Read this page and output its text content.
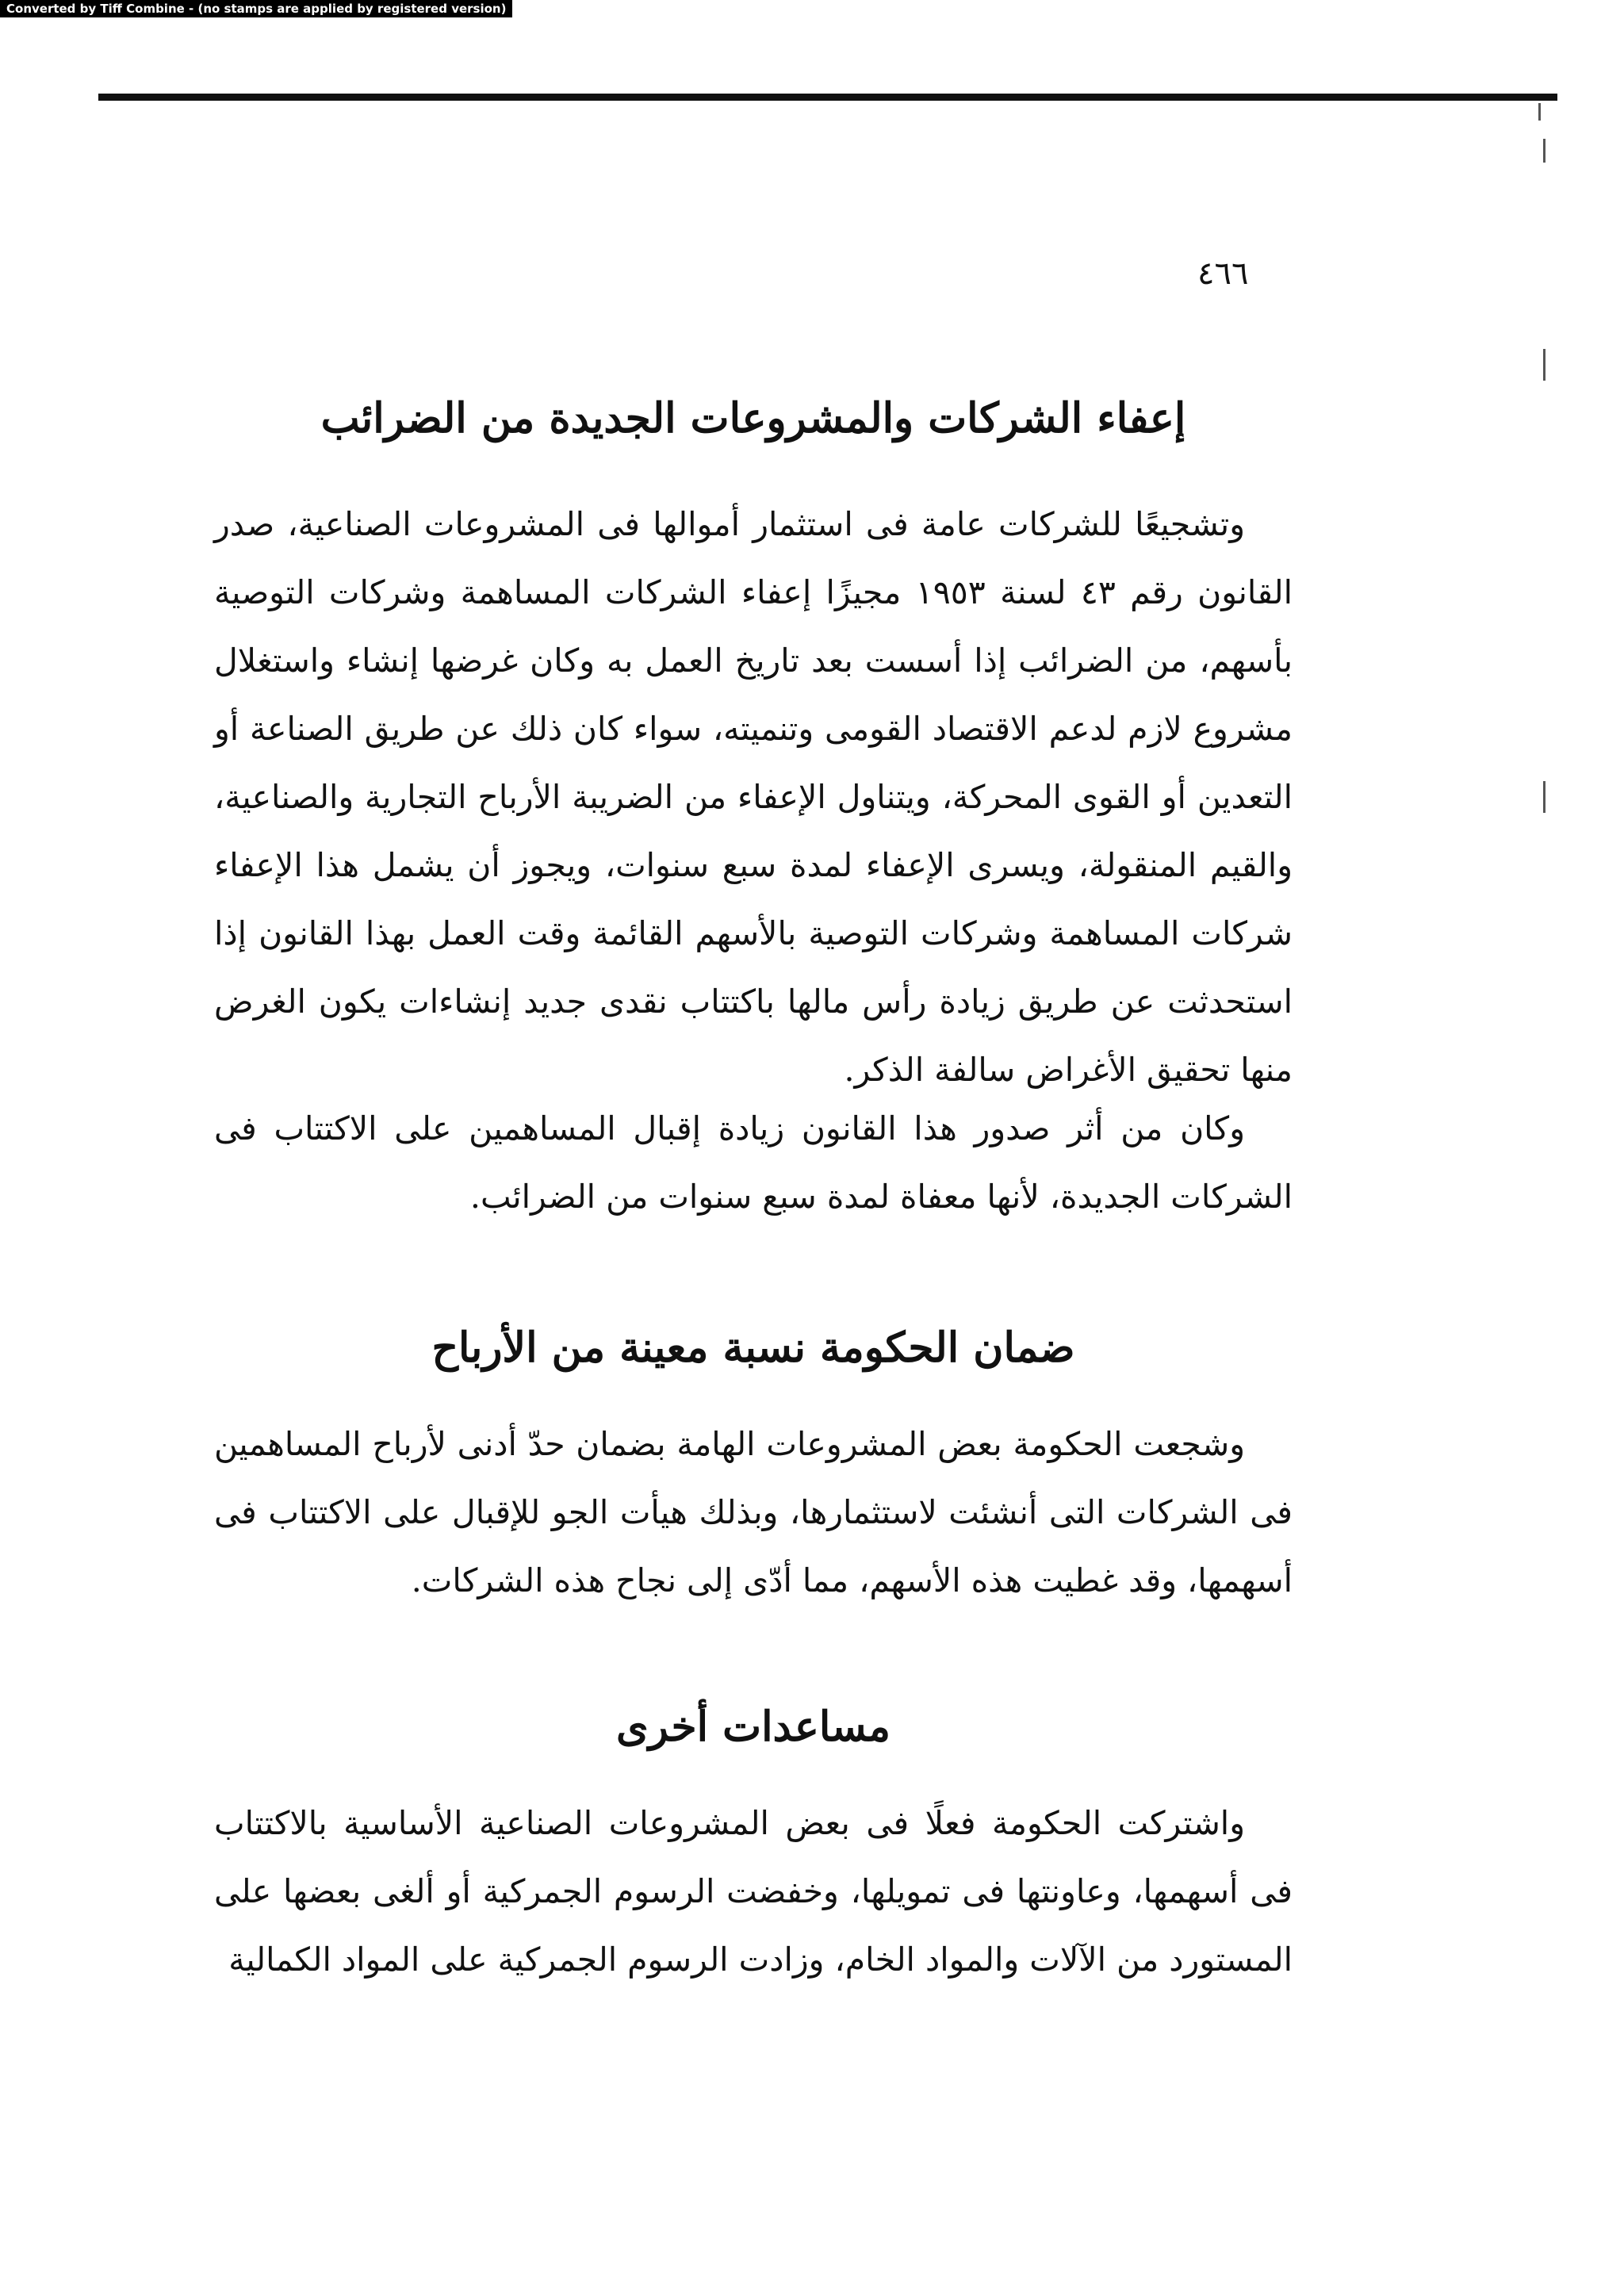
Converted by Tiff Combine - (no stamps are applied by registered version)
٤٦٦
إعفاء الشركات والمشروعات الجديدة من الضرائب

وتشجيعًا للشركات عامة فى استثمار أموالها فى المشروعات الصناعية، صدر القانون رقم ٤٣ لسنة ١٩٥٣ مجيزًا إعفاء الشركات المساهمة وشركات التوصية بأسهم، من الضرائب إذا أسست بعد تاريخ العمل به وكان غرضها إنشاء واستغلال مشروع لازم لدعم الاقتصاد القومى وتنميته، سواء كان ذلك عن طريق الصناعة أو التعدين أو القوى المحركة، ويتناول الإعفاء من الضريبة الأرباح التجارية والصناعية، والقيم المنقولة، ويسرى الإعفاء لمدة سبع سنوات، ويجوز أن يشمل هذا الإعفاء شركات المساهمة وشركات التوصية بالأسهم القائمة وقت العمل بهذا القانون إذا استحدثت عن طريق زيادة رأس مالها باكتتاب نقدى جديد إنشاءات يكون الغرض منها تحقيق الأغراض سالفة الذكر.

وكان من أثر صدور هذا القانون زيادة إقبال المساهمين على الاكتتاب فى الشركات الجديدة، لأنها معفاة لمدة سبع سنوات من الضرائب.

ضمان الحكومة نسبة معينة من الأرباح

وشجعت الحكومة بعض المشروعات الهامة بضمان حدّ أدنى لأرباح المساهمين فى الشركات التى أنشئت لاستثمارها، وبذلك هيأت الجو للإقبال على الاكتتاب فى أسهمها، وقد غطيت هذه الأسهم، مما أدّى إلى نجاح هذه الشركات.

مساعدات أخرى

واشتركت الحكومة فعلًا فى بعض المشروعات الصناعية الأساسية بالاكتتاب فى أسهمها، وعاونتها فى تمويلها، وخفضت الرسوم الجمركية أو ألغى بعضها على المستورد من الآلات والمواد الخام، وزادت الرسوم الجمركية على المواد الكمالية
